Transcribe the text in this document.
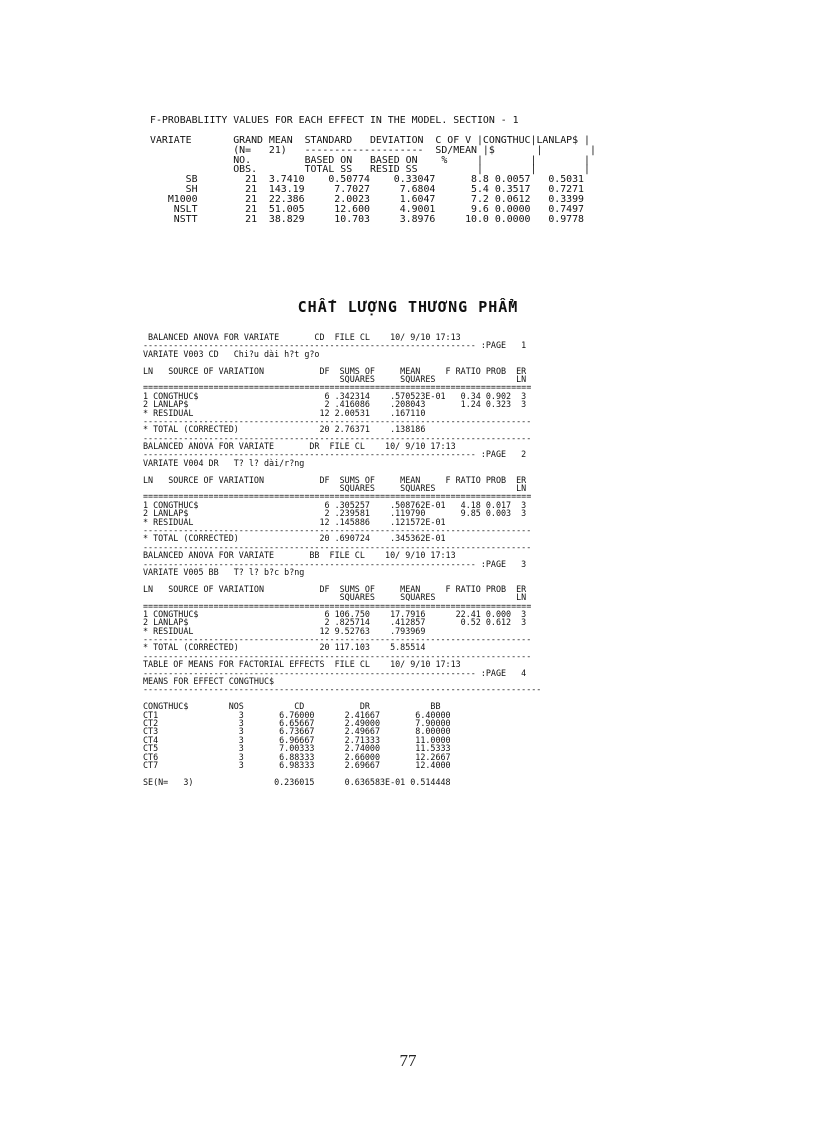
F-PROBABLIITY VALUES FOR EACH EFFECT IN THE MODEL. SECTION - 1

VARIATE       GRAND MEAN  STANDARD   DEVIATION  C OF V |CONGTHUC|LANLAP$ |
(N=   21)   --------------------  SD/MEAN |$       |        |
NO.         BASED ON   BASED ON    %     |        |        |
OBS.        TOTAL SS   RESID SS          |        |        |
SB        21  3.7410    0.50774    0.33047      8.8 0.0057   0.5031
SH        21  143.19     7.7027     7.6804      5.4 0.3517   0.7271
M1000        21  22.386     2.0023     1.6047      7.2 0.0612   0.3399
NSLT        21  51.005     12.600     4.9001      9.6 0.0000   0.7497
NSTT        21  38.829     10.703     3.8976     10.0 0.0000   0.9778
CHẤT LƯỢNG THƯƠNG PHẨM
BALANCED ANOVA FOR VARIATE       CD  FILE CL    10/ 9/10 17:13
------------------------------------------------------------------ :PAGE   1
VARIATE V003 CD   Chi?u dài h?t g?o

LN   SOURCE OF VARIATION           DF  SUMS OF     MEAN     F RATIO PROB  ER
SQUARES     SQUARES                LN
=============================================================================
1 CONGTHUC$                         6 .342314    .570523E-01   0.34 0.902  3
2 LANLAP$                           2 .416086    .208043       1.24 0.323  3
* RESIDUAL                         12 2.00531    .167110
-----------------------------------------------------------------------------
* TOTAL (CORRECTED)                20 2.76371    .138186
-----------------------------------------------------------------------------
BALANCED ANOVA FOR VARIATE       DR  FILE CL    10/ 9/10 17:13
------------------------------------------------------------------ :PAGE   2
VARIATE V004 DR   T? l? dài/r?ng

LN   SOURCE OF VARIATION           DF  SUMS OF     MEAN     F RATIO PROB  ER
SQUARES     SQUARES                LN
=============================================================================
1 CONGTHUC$                         6 .305257    .508762E-01   4.18 0.017  3
2 LANLAP$                           2 .239581    .119790       9.85 0.003  3
* RESIDUAL                         12 .145886    .121572E-01
-----------------------------------------------------------------------------
* TOTAL (CORRECTED)                20 .690724    .345362E-01
-----------------------------------------------------------------------------
BALANCED ANOVA FOR VARIATE       BB  FILE CL    10/ 9/10 17:13
------------------------------------------------------------------ :PAGE   3
VARIATE V005 BB   T? l? b?c b?ng

LN   SOURCE OF VARIATION           DF  SUMS OF     MEAN     F RATIO PROB  ER
SQUARES     SQUARES                LN
=============================================================================
1 CONGTHUC$                         6 106.750    17.7916      22.41 0.000  3
2 LANLAP$                           2 .825714    .412857       0.52 0.612  3
* RESIDUAL                         12 9.52763    .793969
-----------------------------------------------------------------------------
* TOTAL (CORRECTED)                20 117.103    5.85514
-----------------------------------------------------------------------------
TABLE OF MEANS FOR FACTORIAL EFFECTS  FILE CL    10/ 9/10 17:13
------------------------------------------------------------------ :PAGE   4
MEANS FOR EFFECT CONGTHUC$
-------------------------------------------------------------------------------

CONGTHUC$        NOS          CD           DR            BB
CT1                3       6.76000      2.41667       6.40000
CT2                3       6.65667      2.49000       7.90000
CT3                3       6.73667      2.49667       8.00000
CT4                3       6.96667      2.71333       11.0000
CT5                3       7.00333      2.74000       11.5333
CT6                3       6.88333      2.66000       12.2667
CT7                3       6.98333      2.69667       12.4000

SE(N=   3)                0.236015      0.636583E-01 0.514448
77
